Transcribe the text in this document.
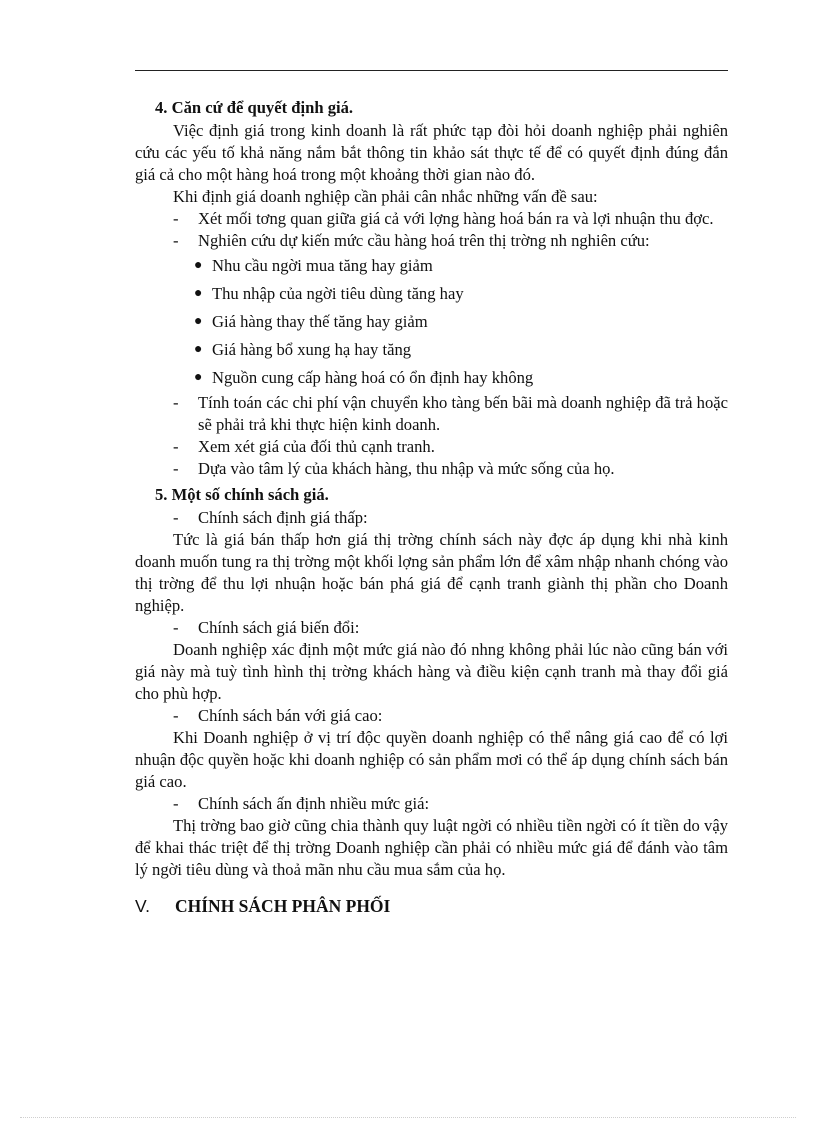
4. Căn cứ để quyết định giá.

Việc định giá trong kinh doanh là rất phức tạp đòi hỏi doanh nghiệp phải nghiên cứu các yếu tố khả năng nắm bắt thông tin khảo sát thực tế để có quyết định đúng đắn giá cả cho một hàng hoá trong một khoảng thời gian nào đó.

Khi định giá doanh nghiệp cần phải cân nhắc những vấn đề sau:

- Xét mối tơng quan giữa giá cả với lợng hàng hoá bán ra và lợi nhuận thu đợc.
- Nghiên cứu dự kiến mức cầu hàng hoá trên thị trờng nh nghiên cứu:
● Nhu cầu ngời mua tăng hay giảm
● Thu nhập của ngời tiêu dùng tăng hay
● Giá hàng thay thế tăng hay giảm
● Giá hàng bổ xung hạ hay tăng
● Nguồn cung cấp hàng hoá có ổn định hay không
- Tính toán các chi phí vận chuyển kho tàng bến bãi mà doanh nghiệp đã trả hoặc sẽ phải trả khi thực hiện kinh doanh.
- Xem xét giá của đối thủ cạnh tranh.
- Dựa vào tâm lý của khách hàng, thu nhập và mức sống của họ.
5. Một số chính sách giá.
- Chính sách định giá thấp:

Tức là giá bán thấp hơn giá thị trờng chính sách này đợc áp dụng khi nhà kinh doanh muốn tung ra thị trờng một khối lợng sản phẩm lớn để xâm nhập nhanh chóng vào thị trờng để thu lợi nhuận hoặc bán phá giá để cạnh tranh giành thị phần cho Doanh nghiệp.

- Chính sách giá biến đổi:

Doanh nghiệp xác định một mức giá nào đó nhng không phải lúc nào cũng bán với giá này mà tuỳ tình hình thị trờng khách hàng và điều kiện cạnh tranh mà thay đổi giá cho phù hợp.

- Chính sách bán với giá cao:

Khi Doanh nghiệp ở vị trí độc quyền doanh nghiệp có thể nâng giá cao để có lợi nhuận độc quyền hoặc khi doanh nghiệp có sản phẩm mơi có thể áp dụng chính sách bán giá cao.

- Chính sách ấn định nhiều mức giá:

Thị trờng bao giờ cũng chia thành quy luật ngời có nhiều tiền ngời có ít tiền do vậy để khai thác triệt để thị trờng Doanh nghiệp cần phải có nhiều mức giá để đánh vào tâm lý ngời tiêu dùng và thoả mãn nhu cầu mua sắm của họ.

V. CHÍNH SÁCH PHÂN PHỐI
